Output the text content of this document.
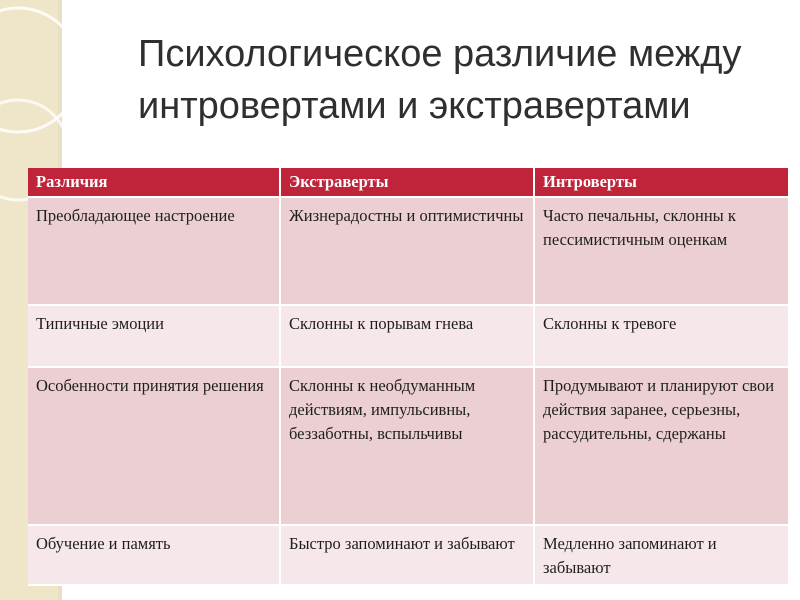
Психологическое различие между интровертами и экстравертами
Различия	Экстраверты	Интроверты
Преобладающее настроение	Жизнерадостны и оптимистичны	Часто печальны, склонны к пессимистичным оценкам
Типичные эмоции	Склонны к порывам гнева	Склонны к тревоге
Особенности принятия решения	Склонны к необдуманным действиям, импульсивны, беззаботны, вспыльчивы	Продумывают и планируют свои действия заранее, серьезны, рассудительны, сдержаны
Обучение и память	Быстро запоминают и забывают	Медленно запоминают и забывают
